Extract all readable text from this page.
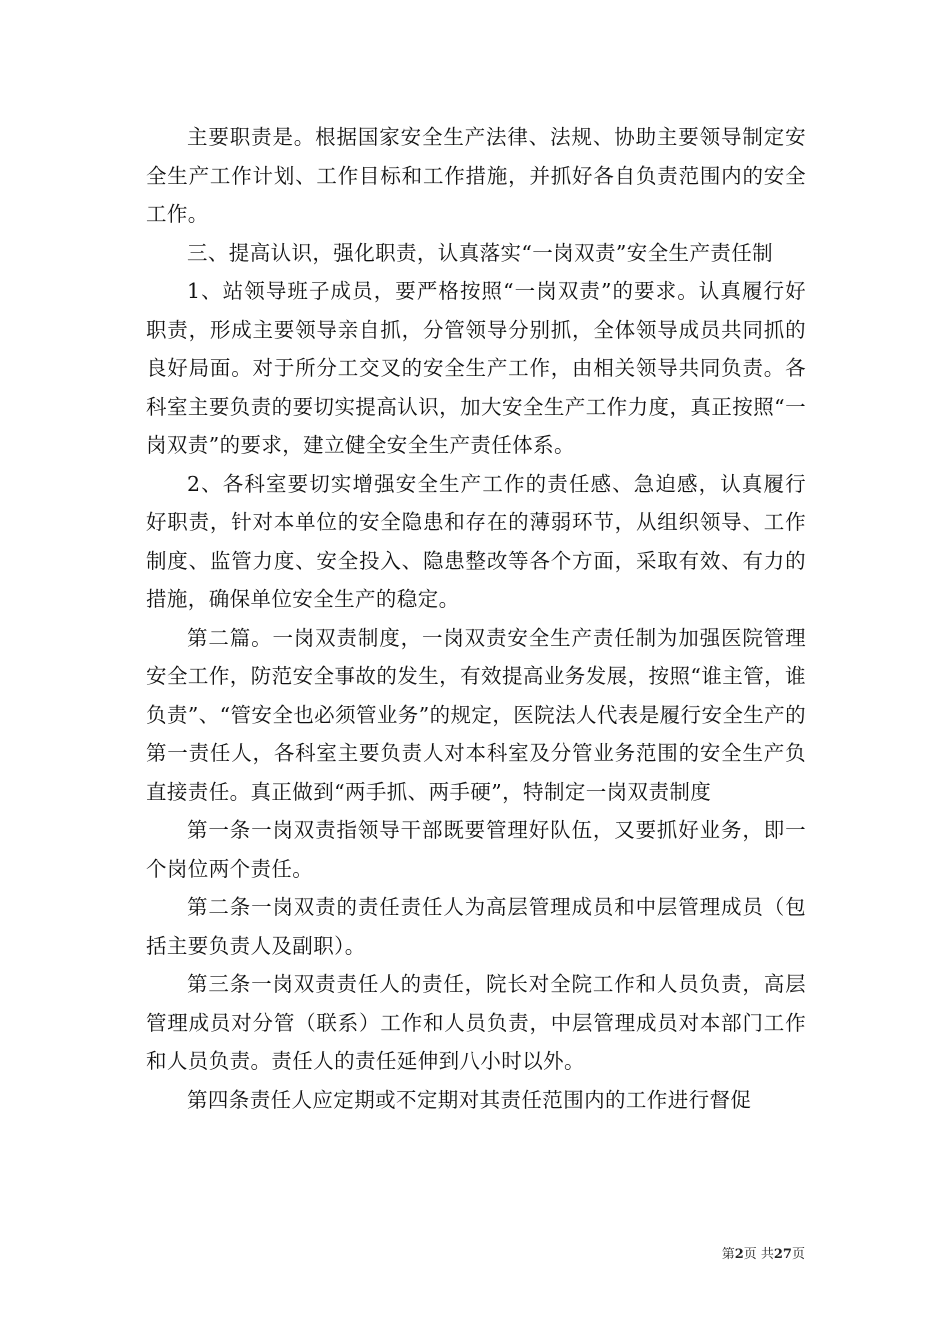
主要职责是。根据国家安全生产法律、法规、协助主要领导制定安全生产工作计划、工作目标和工作措施，并抓好各自负责范围内的安全工作。

三、提高认识，强化职责，认真落实“一岗双责”安全生产责任制

1、站领导班子成员，要严格按照“一岗双责”的要求。认真履行好职责，形成主要领导亲自抓，分管领导分别抓，全体领导成员共同抓的良好局面。对于所分工交叉的安全生产工作，由相关领导共同负责。各科室主要负责的要切实提高认识，加大安全生产工作力度，真正按照“一岗双责”的要求，建立健全安全生产责任体系。

2、各科室要切实增强安全生产工作的责任感、急迫感，认真履行好职责，针对本单位的安全隐患和存在的薄弱环节，从组织领导、工作制度、监管力度、安全投入、隐患整改等各个方面，采取有效、有力的措施，确保单位安全生产的稳定。

第二篇。一岗双责制度，一岗双责安全生产责任制为加强医院管理安全工作，防范安全事故的发生，有效提高业务发展，按照“谁主管，谁负责”、“管安全也必须管业务”的规定，医院法人代表是履行安全生产的第一责任人，各科室主要负责人对本科室及分管业务范围的安全生产负直接责任。真正做到“两手抓、两手硬”，特制定一岗双责制度

第一条一岗双责指领导干部既要管理好队伍，又要抓好业务，即一个岗位两个责任。

第二条一岗双责的责任责任人为高层管理成员和中层管理成员（包括主要负责人及副职）。

第三条一岗双责责任人的责任，院长对全院工作和人员负责，高层管理成员对分管（联系）工作和人员负责，中层管理成员对本部门工作和人员负责。责任人的责任延伸到八小时以外。

第四条责任人应定期或不定期对其责任范围内的工作进行督促

第2页 共27页
